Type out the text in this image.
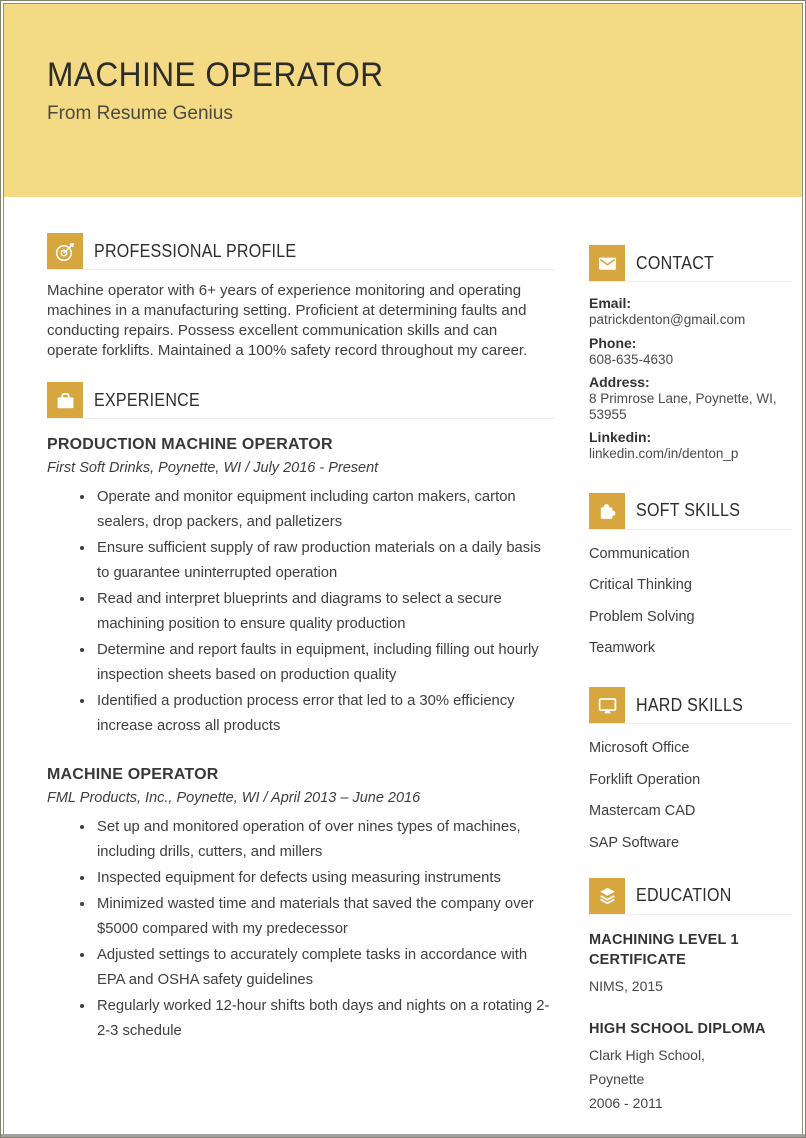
MACHINE OPERATOR
From Resume Genius
PROFESSIONAL PROFILE

Machine operator with 6+ years of experience monitoring and operating machines in a manufacturing setting. Proficient at determining faults and conducting repairs. Possess excellent communication skills and can operate forklifts. Maintained a 100% safety record throughout my career.

EXPERIENCE
PRODUCTION MACHINE OPERATOR
First Soft Drinks, Poynette, WI / July 2016 - Present
• Operate and monitor equipment including carton makers, carton sealers, drop packers, and palletizers
• Ensure sufficient supply of raw production materials on a daily basis to guarantee uninterrupted operation
• Read and interpret blueprints and diagrams to select a secure machining position to ensure quality production
• Determine and report faults in equipment, including filling out hourly inspection sheets based on production quality
• Identified a production process error that led to a 30% efficiency increase across all products
MACHINE OPERATOR
FML Products, Inc., Poynette, WI / April 2013 – June 2016
• Set up and monitored operation of over nines types of machines, including drills, cutters, and millers
• Inspected equipment for defects using measuring instruments
• Minimized wasted time and materials that saved the company over $5000 compared with my predecessor
• Adjusted settings to accurately complete tasks in accordance with EPA and OSHA safety guidelines
• Regularly worked 12-hour shifts both days and nights on a rotating 2-2-3 schedule
CONTACT
Email:
patrickdenton@gmail.com
Phone:
608-635-4630
Address:
8 Primrose Lane, Poynette, WI, 53955
Linkedin:
linkedin.com/in/denton_p
SOFT SKILLS
Communication
Critical Thinking
Problem Solving
Teamwork
HARD SKILLS
Microsoft Office
Forklift Operation
Mastercam CAD
SAP Software
EDUCATION
MACHINING LEVEL 1 CERTIFICATE
NIMS, 2015
HIGH SCHOOL DIPLOMA
Clark High School,
Poynette
2006 - 2011
